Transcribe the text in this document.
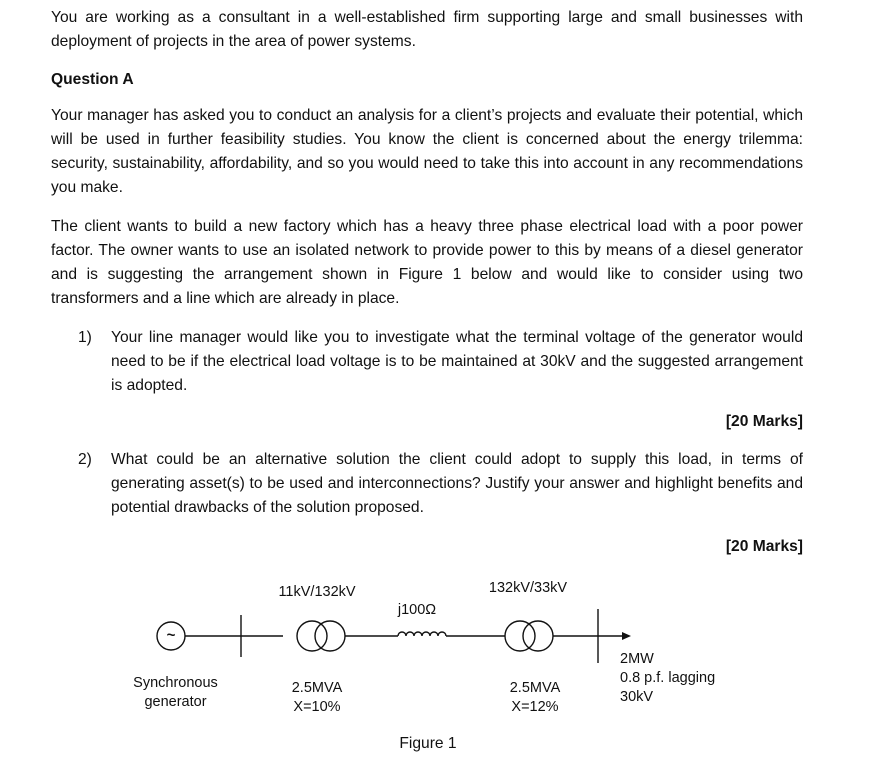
You are working as a consultant in a well-established firm supporting large and small businesses with deployment of projects in the area of power systems.

Question A

Your manager has asked you to conduct an analysis for a client’s projects and evaluate their potential, which will be used in further feasibility studies. You know the client is concerned about the energy trilemma: security, sustainability, affordability, and so you would need to take this into account in any recommendations you make.

The client wants to build a new factory which has a heavy three phase electrical load with a poor power factor. The owner wants to use an isolated network to provide power to this by means of a diesel generator and is suggesting the arrangement shown in Figure 1 below and would like to consider using two transformers and a line which are already in place.

1)	Your line manager would like you to investigate what the terminal voltage of the generator would need to be if the electrical load voltage is to be maintained at 30kV and the suggested arrangement is adopted.
[20 Marks]
2)	What could be an alternative solution the client could adopt to supply this load, in terms of generating asset(s) to be used and interconnections? Justify your answer and highlight benefits and potential drawbacks of the solution proposed.
[20 Marks]
~
Synchronous
generator
11kV/132kV
2.5MVA
X=10%
j100Ω
132kV/33kV
2.5MVA
X=12%
2MW
0.8 p.f. lagging
30kV
Figure 1
